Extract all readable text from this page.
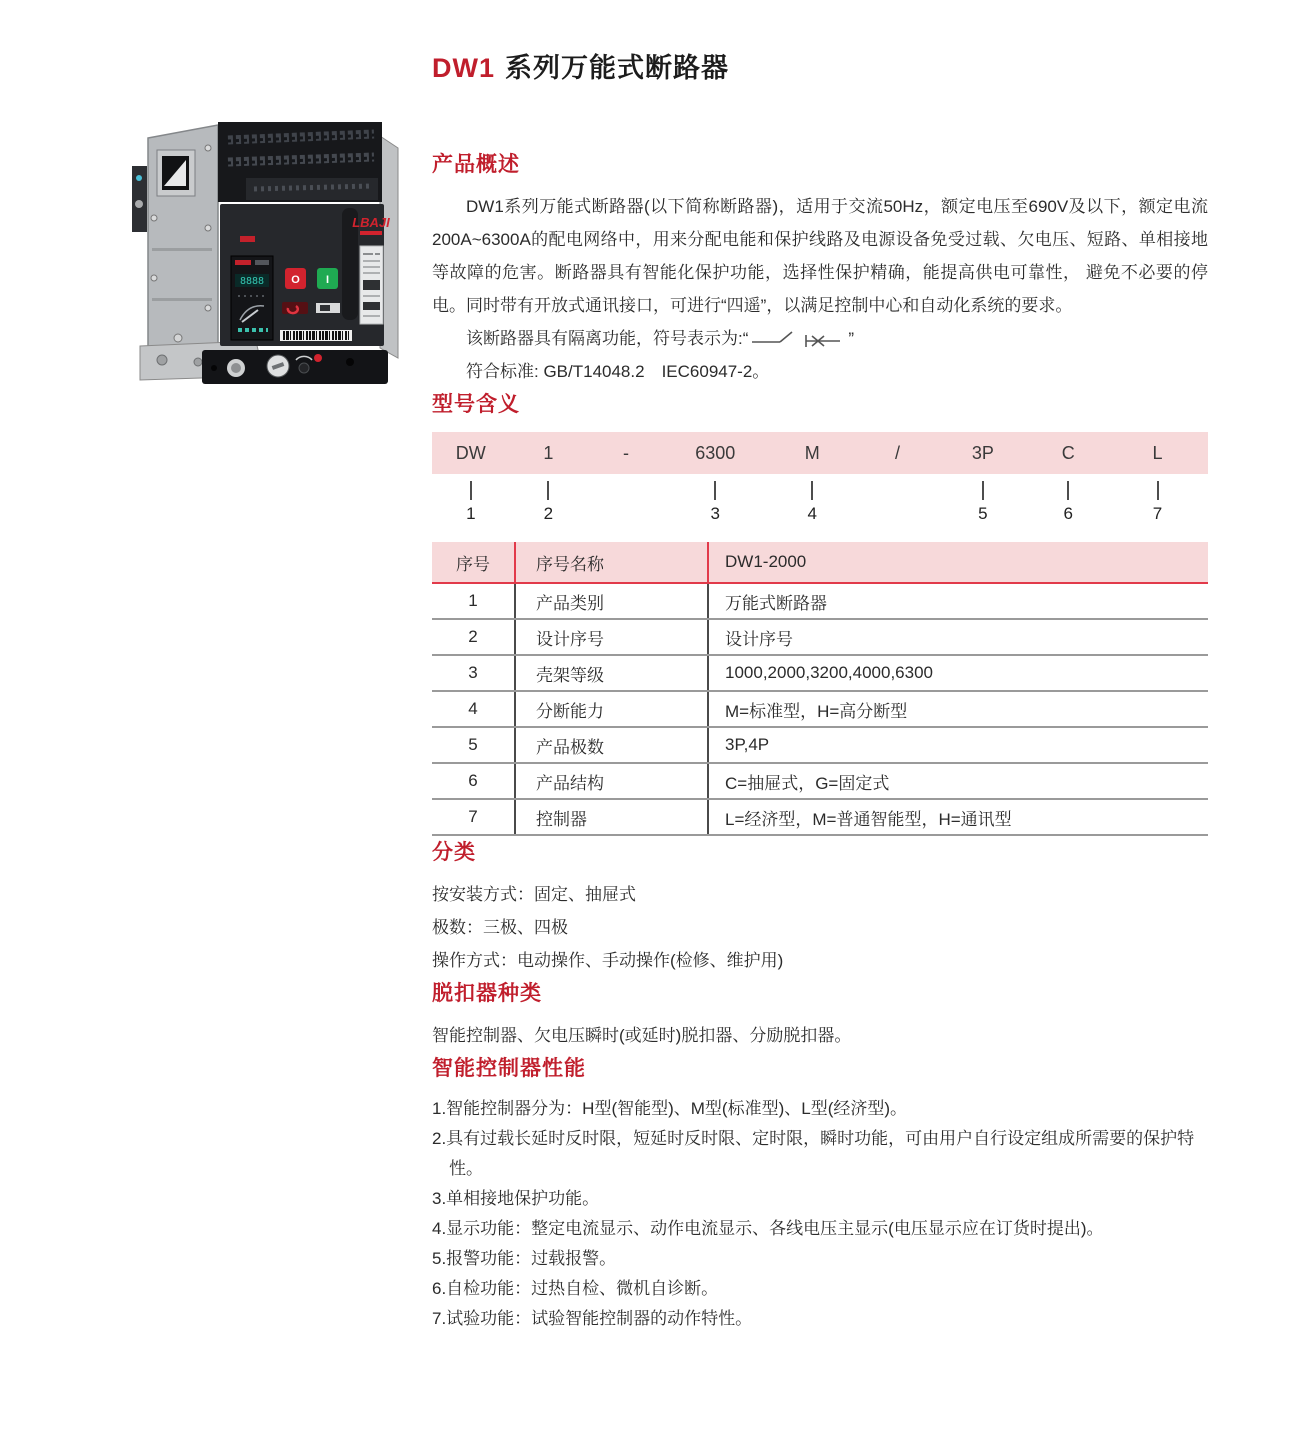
DW1 系列万能式断路器
LBAJI
8888 O I
产品概述

DW1系列万能式断路器(以下简称断路器)，适用于交流50Hz，额定电压至690V及以下，额定电流200A~6300A的配电网络中，用来分配电能和保护线路及电源设备免受过载、欠电压、短路、单相接地等故障的危害。断路器具有智能化保护功能，选择性保护精确，能提高供电可靠性， 避免不必要的停电。同时带有开放式通讯接口，可进行“四遥”，以满足控制中心和自动化系统的要求。

该断路器具有隔离功能，符号表示为:“	”

符合标准: GB/T14048.2　IEC60947-2。

型号含义
DW	1	-	6300	M	/	3P	C	L
1	2	3	4	5	6	7
序号	序号名称	DW1-2000
1	产品类别	万能式断路器
2	设计序号	设计序号
3	壳架等级	1000,2000,3200,4000,6300
4	分断能力	M=标准型，H=高分断型
5	产品极数	3P,4P
6	产品结构	C=抽屉式，G=固定式
7	控制器	L=经济型，M=普通智能型，H=通讯型
分类

按安装方式：固定、抽屉式

极数：三极、四极

操作方式：电动操作、手动操作(检修、维护用)

脱扣器种类

智能控制器、欠电压瞬时(或延时)脱扣器、分励脱扣器。

智能控制器性能

1.智能控制器分为：H型(智能型)、M型(标准型)、L型(经济型)。

2.具有过载长延时反时限，短延时反时限、定时限，瞬时功能，可由用户自行设定组成所需要的保护特性。

3.单相接地保护功能。

4.显示功能：整定电流显示、动作电流显示、各线电压主显示(电压显示应在订货时提出)。

5.报警功能：过载报警。

6.自检功能：过热自检、微机自诊断。

7.试验功能：试验智能控制器的动作特性。
